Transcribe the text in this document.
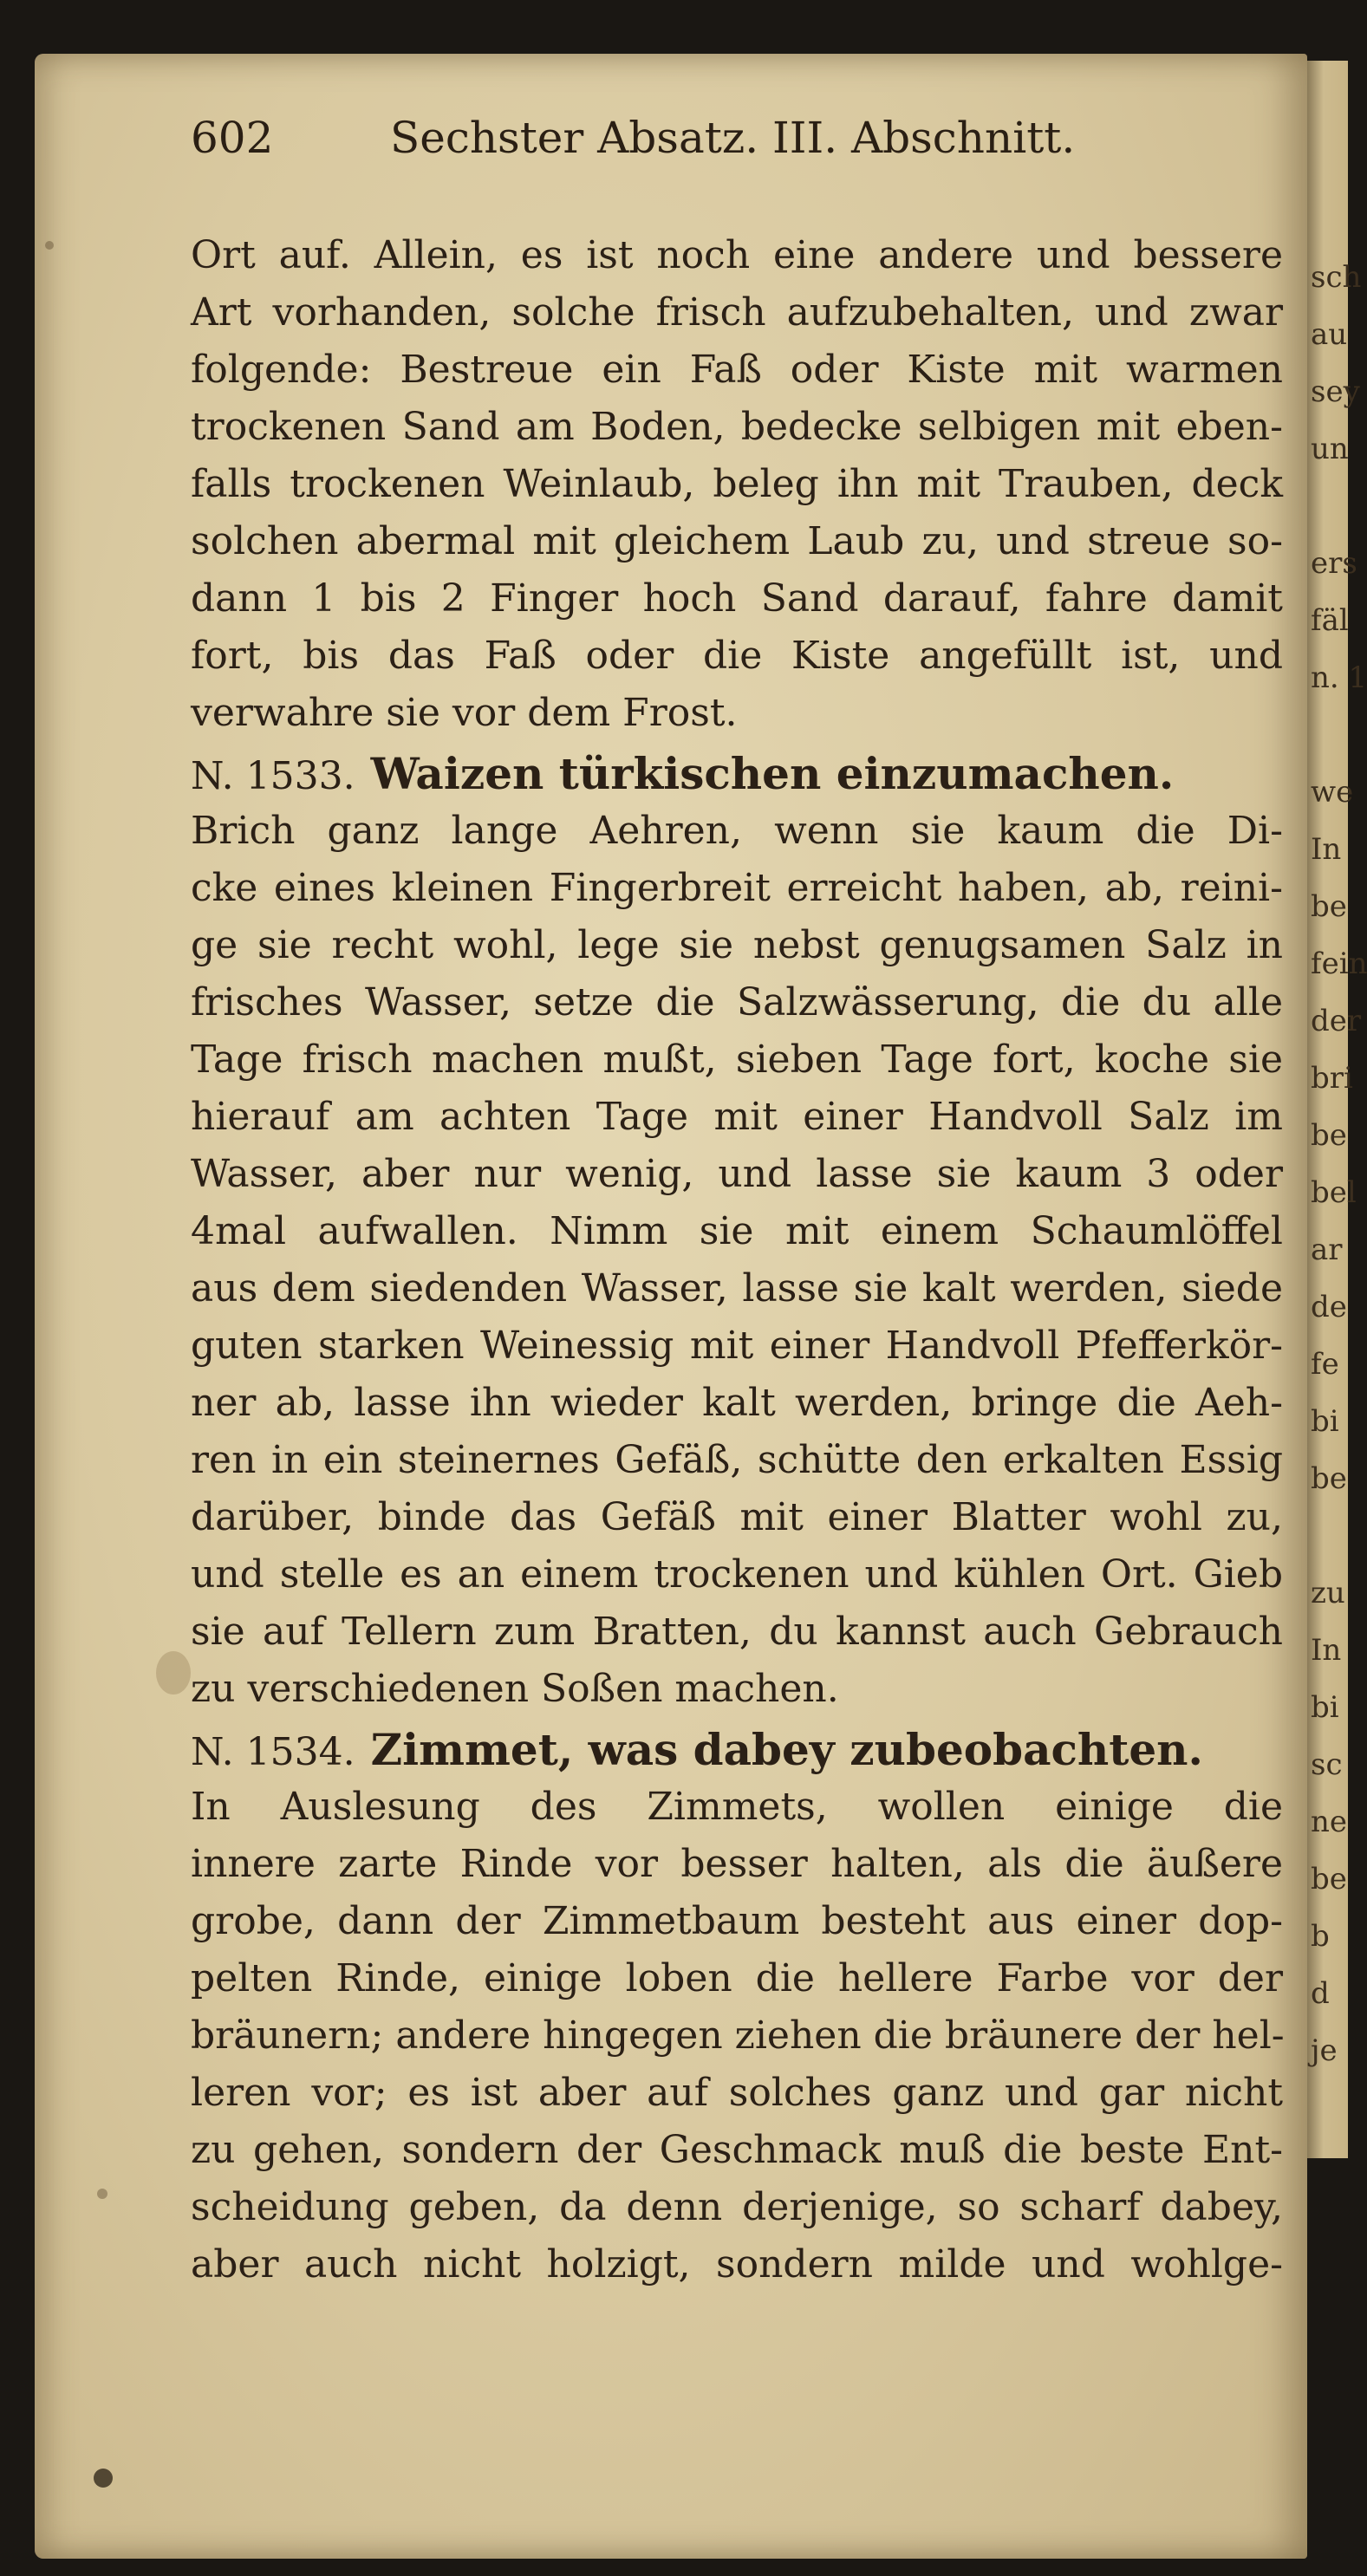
602	Sechster Absatz. III. Abschnitt.
Ort auf. Allein, es ist noch eine andere und bessere
Art vorhanden, solche frisch aufzubehalten, und zwar
folgende: Bestreue ein Faß oder Kiste mit warmen
trockenen Sand am Boden, bedecke selbigen mit eben-
falls trockenen Weinlaub, beleg ihn mit Trauben, deck
solchen abermal mit gleichem Laub zu, und streue so-
dann 1 bis 2 Finger hoch Sand darauf, fahre damit
fort, bis das Faß oder die Kiste angefüllt ist, und
verwahre sie vor dem Frost.
N. 1533. Waizen türkischen einzumachen.
Brich ganz lange Aehren, wenn sie kaum die Di-
cke eines kleinen Fingerbreit erreicht haben, ab, reini-
ge sie recht wohl, lege sie nebst genugsamen Salz in
frisches Wasser, setze die Salzwässerung, die du alle
Tage frisch machen mußt, sieben Tage fort, koche sie
hierauf am achten Tage mit einer Handvoll Salz im
Wasser, aber nur wenig, und lasse sie kaum 3 oder
4mal aufwallen. Nimm sie mit einem Schaumlöffel
aus dem siedenden Wasser, lasse sie kalt werden, siede
guten starken Weinessig mit einer Handvoll Pfefferkör-
ner ab, lasse ihn wieder kalt werden, bringe die Aeh-
ren in ein steinernes Gefäß, schütte den erkalten Essig
darüber, binde das Gefäß mit einer Blatter wohl zu,
und stelle es an einem trockenen und kühlen Ort. Gieb
sie auf Tellern zum Bratten, du kannst auch Gebrauch
zu verschiedenen Soßen machen.
N. 1534. Zimmet, was dabey zubeobachten.
In Auslesung des Zimmets, wollen einige die
innere zarte Rinde vor besser halten, als die äußere
grobe, dann der Zimmetbaum besteht aus einer dop-
pelten Rinde, einige loben die hellere Farbe vor der
bräunern; andere hingegen ziehen die bräunere der hel-
leren vor; es ist aber auf solches ganz und gar nicht
zu gehen, sondern der Geschmack muß die beste Ent-
scheidung geben, da denn derjenige, so scharf dabey,
aber auch nicht holzigt, sondern milde und wohlge-
sch
au
sey
un
ers
fäl
n. 1
we
In
be
fein
der
bri
be
bel
ar
de
fe
bi
be
zu
In
bi
sc
ne
be
b
d
je
